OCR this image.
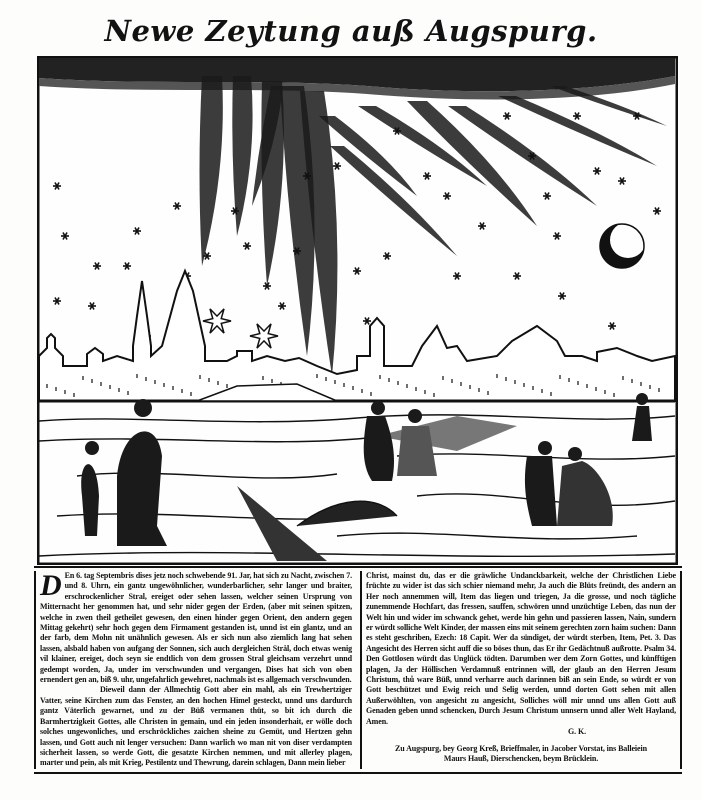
Newe Zeytung auß Augspurg.
D En 6. tag Septembris dises jetz noch schwebende 91. Jar, hat sich zu Nacht, zwischen 7. und 8. Uhrn, ein gantz ungewöhnlicher, wunderbarlicher, sehr langer und braiter, erschrockenlicher Stral, ereiget oder sehen lassen, welcher seinen Ursprung von Mitternacht her genommen hat, und sehr nider gegen der Erden, (aber mit seinen spitzen, welche in zwen theil getheilet gewesen, den einen hinder gegen Orient, den andern gegen Mittag gekehrt) sehr hoch gegen dem Firmament gestanden ist, unnd ist ein glantz, und an der farb, dem Mohn nit unähnlich gewesen. Als er sich nun also ziemlich lang hat sehen lassen, alsbald haben von aufgang der Sonnen, sich auch dergleichen Strål, doch etwas wenig vil klainer, ereiget, doch seyn sie endtlich von dem grossen Stral gleichsam verzehrt unnd gedempt worden, Ja, under im verschwunden und vergangen, Dises hat sich von oben ernendert gen an, biß 9. uhr, ungefahrlich gewehret, nachmals ist es allgemach verschwunden.

Dieweil dann der Allmechtig Gott aber ein mahl, als ein Trewhertziger Vatter, seine Kirchen zum das Fenster, an den hochen Himel gesteckt, unnd uns dardurch gantz Väterlich gewarnet, und zu der Büß vermanen thüt, so bit ich durch die Barmhertzigkeit Gottes, alle Christen in gemain, und ein jeden insonderhait, er wölle doch solches ungewonliches, und erschröckliches zaichen sheine zu Gemüt, und Hertzen gehn lassen, und Gott auch nit lenger versuchen: Dann warlich wo man nit von diser verdampten sicherheit lassen, so werde Gott, die gesatzte Kirchen nemmen, und mit allerley plagen, marter und pein, als mit Krieg, Pestilentz und Thewrung, darein schlagen, Dann mein lieber

Christ, mainst du, das er die gräwliche Undanckbarkeit, welche der Christlichen Liebe früchte zu wider ist das sich schier niemand mehr, Ja auch die Blüts freündt, des andern an Her noch annemmen will, Item das liegen und triegen, Ja die grosse, und noch tägliche zunemmende Hochfart, das fressen, sauffen, schwören unnd unzüchtige Leben, das nun der Welt hin und wider im schwanck gehet, werde hin gehn und passieren lassen, Nain, sundern er würdt solliche Welt Kinder, der massen eins mit seinem gerechten zorn haim suchen: Dann es steht geschriben, Ezech: 18 Capit. Wer da sündiget, der würdt sterben, Item, Pet. 3. Das Angesicht des Herren sicht auff die so böses thun, das Er ihr Gedächtnuß außrotte. Psalm 34. Den Gottlosen würdt das Unglück tödten. Darumben wer dem Zorn Gottes, und künfftigen plagen, Ja der Höllischen Verdamnuß entrinnen will, der glaub an den Herren Jesum Christum, thů ware Büß, unnd verharre auch darinnen biß an sein Ende, so würdt er von Gott beschützet und Ewig reich und Selig werden, unnd dorten Gott sehen mit allen Außerwöhlten, von angesicht zu angesicht, Solliches wöll mir unnd uns allen Gott auß Genaden geben unnd schencken, Durch Jesum Christum unnsern unnd aller Welt Hayland, Amen.

G. K.

Zu Augspurg, bey Georg Kreß, Brieffmaler, in Jacober Vorstat, ins Balleiein Maurs Hauß, Dierschencken, beym Brücklein.
